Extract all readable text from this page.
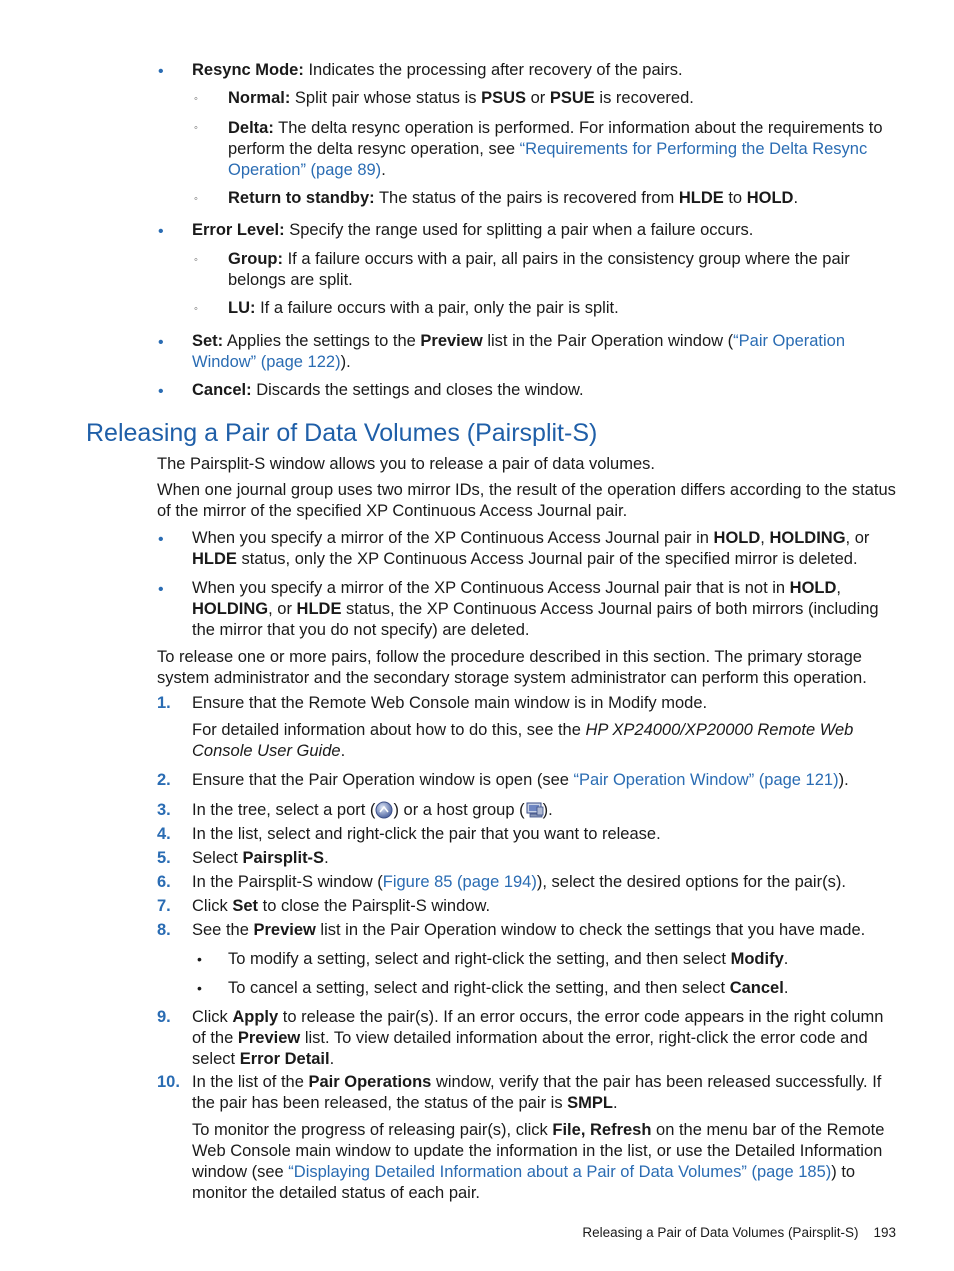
• Resync Mode: Indicates the processing after recovery of the pairs.
◦ Normal: Split pair whose status is PSUS or PSUE is recovered.
◦ Delta: The delta resync operation is performed. For information about the requirements to perform the delta resync operation, see “Requirements for Performing the Delta Resync Operation” (page 89).
◦ Return to standby: The status of the pairs is recovered from HLDE to HOLD.
• Error Level: Specify the range used for splitting a pair when a failure occurs.
◦ Group: If a failure occurs with a pair, all pairs in the consistency group where the pair belongs are split.
◦ LU: If a failure occurs with a pair, only the pair is split.
• Set: Applies the settings to the Preview list in the Pair Operation window (“Pair Operation Window” (page 122)).
• Cancel: Discards the settings and closes the window.
Releasing a Pair of Data Volumes (Pairsplit-S)
The Pairsplit-S window allows you to release a pair of data volumes.
When one journal group uses two mirror IDs, the result of the operation differs according to the status of the mirror of the specified XP Continuous Access Journal pair.
• When you specify a mirror of the XP Continuous Access Journal pair in HOLD, HOLDING, or HLDE status, only the XP Continuous Access Journal pair of the specified mirror is deleted.
• When you specify a mirror of the XP Continuous Access Journal pair that is not in HOLD, HOLDING, or HLDE status, the XP Continuous Access Journal pairs of both mirrors (including the mirror that you do not specify) are deleted.
To release one or more pairs, follow the procedure described in this section. The primary storage system administrator and the secondary storage system administrator can perform this operation.
1. Ensure that the Remote Web Console main window is in Modify mode.
For detailed information about how to do this, see the HP XP24000/XP20000 Remote Web Console User Guide.
2. Ensure that the Pair Operation window is open (see “Pair Operation Window” (page 121)).
3. In the tree, select a port ( ) or a host group ( ).
4. In the list, select and right-click the pair that you want to release.
5. Select Pairsplit-S.
6. In the Pairsplit-S window (Figure 85 (page 194)), select the desired options for the pair(s).
7. Click Set to close the Pairsplit-S window.
8. See the Preview list in the Pair Operation window to check the settings that you have made.
• To modify a setting, select and right-click the setting, and then select Modify.
• To cancel a setting, select and right-click the setting, and then select Cancel.
9. Click Apply to release the pair(s). If an error occurs, the error code appears in the right column of the Preview list. To view detailed information about the error, right-click the error code and select Error Detail.
10. In the list of the Pair Operations window, verify that the pair has been released successfully. If the pair has been released, the status of the pair is SMPL.
To monitor the progress of releasing pair(s), click File, Refresh on the menu bar of the Remote Web Console main window to update the information in the list, or use the Detailed Information window (see “Displaying Detailed Information about a Pair of Data Volumes” (page 185)) to monitor the detailed status of each pair.
Releasing a Pair of Data Volumes (Pairsplit-S) 193
